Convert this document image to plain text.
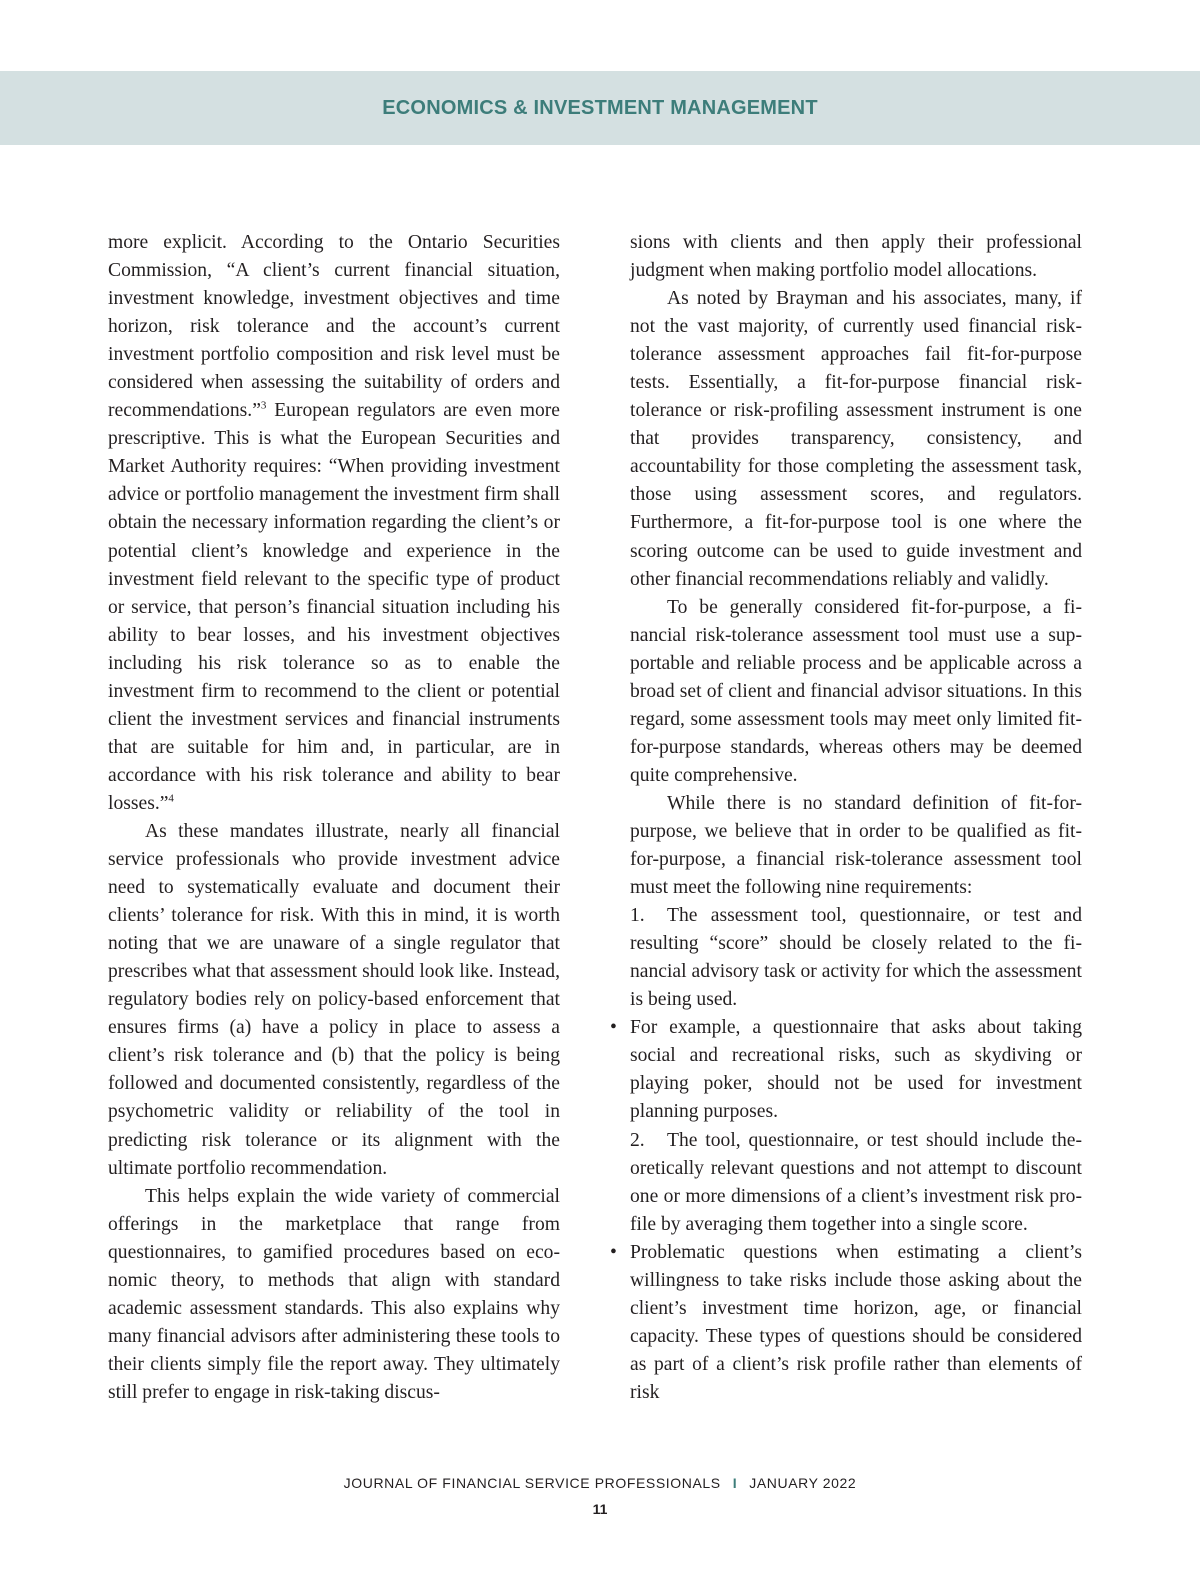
ECONOMICS & INVESTMENT MANAGEMENT

more explicit. According to the Ontario Securities Commission, “A client’s current financial situation, investment knowledge, investment objectives and time horizon, risk tolerance and the account’s current investment portfolio composition and risk level must be considered when assessing the suitability of orders and recommendations.”$^3$ European regulators are even more prescriptive. This is what the European Securities and Market Authority requires: “When providing investment advice or portfolio management the investment firm shall obtain the necessary information regarding the client’s or potential client’s knowledge and experience in the investment field relevant to the specific type of product or service, that person’s financial situation including his ability to bear losses, and his investment objectives including his risk tolerance so as to enable the investment firm to recommend to the client or potential client the investment services and financial instruments that are suitable for him and, in particular, are in accordance with his risk tolerance and ability to bear losses.”$^4$

As these mandates illustrate, nearly all financial service professionals who provide investment advice need to systematically evaluate and document their clients’ tolerance for risk. With this in mind, it is worth noting that we are unaware of a single regulator that prescribes what that assessment should look like. Instead, regulatory bodies rely on policy-based enforcement that ensures firms (a) have a policy in place to assess a client’s risk tolerance and (b) that the policy is being followed and documented consistently, regardless of the psychometric validity or reliability of the tool in predicting risk tolerance or its alignment with the ultimate portfolio recommendation.

This helps explain the wide variety of commercial offerings in the marketplace that range from questionnaires, to gamified procedures based on economic theory, to methods that align with standard academic assessment standards. This also explains why many financial advisors after administering these tools to their clients simply file the report away. They ultimately still prefer to engage in risk-taking discus-

sions with clients and then apply their professional judgment when making portfolio model allocations.

As noted by Brayman and his associates, many, if not the vast majority, of currently used financial risk-tolerance assessment approaches fail fit-for-purpose tests. Essentially, a fit-for-purpose financial risk-tolerance or risk-profiling assessment instrument is one that provides transparency, consistency, and accountability for those completing the assessment task, those using assessment scores, and regulators. Furthermore, a fit-for-purpose tool is one where the scoring outcome can be used to guide investment and other financial recommendations reliably and validly.

To be generally considered fit-for-purpose, a financial risk-tolerance assessment tool must use a supportable and reliable process and be applicable across a broad set of client and financial advisor situations. In this regard, some assessment tools may meet only limited fit-for-purpose standards, whereas others may be deemed quite comprehensive.

While there is no standard definition of fit-for-purpose, we believe that in order to be qualified as fit-for-purpose, a financial risk-tolerance assessment tool must meet the following nine requirements:

1. The assessment tool, questionnaire, or test and resulting “score” should be closely related to the financial advisory task or activity for which the assessment is being used.

• For example, a questionnaire that asks about taking social and recreational risks, such as skydiving or playing poker, should not be used for investment planning purposes.

2. The tool, questionnaire, or test should include theoretically relevant questions and not attempt to discount one or more dimensions of a client’s investment risk profile by averaging them together into a single score.

• Problematic questions when estimating a client’s willingness to take risks include those asking about the client’s investment time horizon, age, or financial capacity. These types of questions should be considered as part of a client’s risk profile rather than elements of risk

JOURNAL OF FINANCIAL SERVICE PROFESSIONALS I JANUARY 2022
11
